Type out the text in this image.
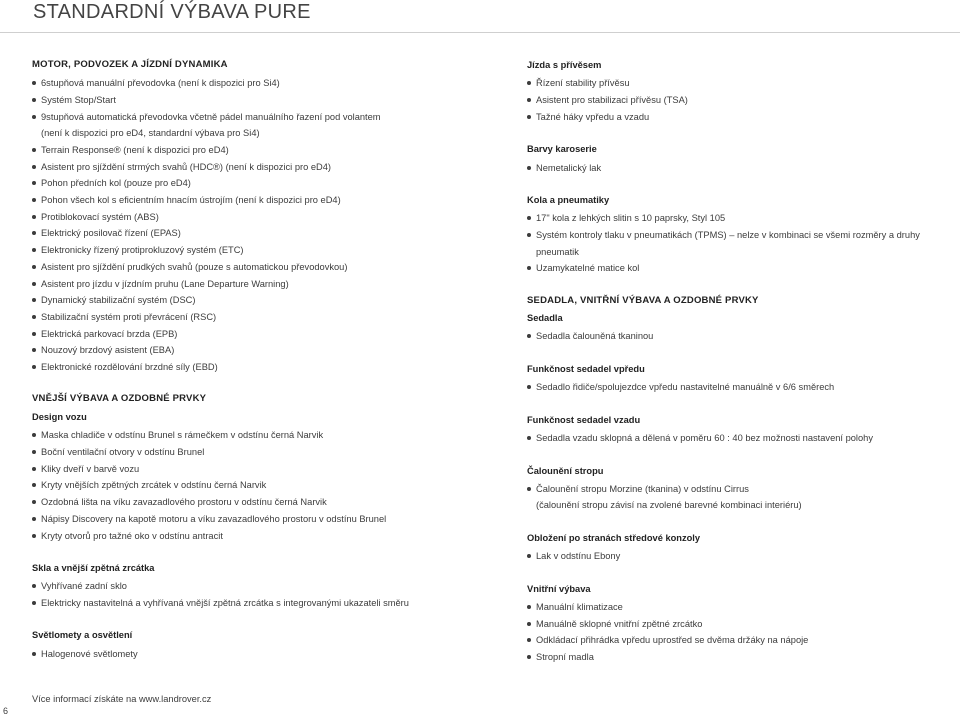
STANDARDNÍ VÝBAVA PURE
MOTOR, PODVOZEK A JÍZDNÍ DYNAMIKA
6stupňová manuální převodovka (není k dispozici pro Si4)
Systém Stop/Start
9stupňová automatická převodovka včetně pádel manuálního řazení pod volantem
(není k dispozici pro eD4, standardní výbava pro Si4)
Terrain Response® (není k dispozici pro eD4)
Asistent pro sjíždění strmých svahů (HDC®) (není k dispozici pro eD4)
Pohon předních kol (pouze pro eD4)
Pohon všech kol s eficientním hnacím ústrojím (není k dispozici pro eD4)
Protiblokovací systém (ABS)
Elektrický posilovač řízení (EPAS)
Elektronicky řízený protiprokluzový systém (ETC)
Asistent pro sjíždění prudkých svahů (pouze s automatickou převodovkou)
Asistent pro jízdu v jízdním pruhu (Lane Departure Warning)
Dynamický stabilizační systém (DSC)
Stabilizační systém proti převrácení (RSC)
Elektrická parkovací brzda (EPB)
Nouzový brzdový asistent (EBA)
Elektronické rozdělování brzdné síly (EBD)
VNĚJŠÍ VÝBAVA A OZDOBNÉ PRVKY
Design vozu
Maska chladiče v odstínu Brunel s rámečkem v odstínu černá Narvik
Boční ventilační otvory v odstínu Brunel
Kliky dveří v barvě vozu
Kryty vnějších zpětných zrcátek v odstínu černá Narvik
Ozdobná lišta na víku zavazadlového prostoru v odstínu černá Narvik
Nápisy Discovery na kapotě motoru a víku zavazadlového prostoru v odstínu Brunel
Kryty otvorů pro tažné oko v odstínu antracit
Skla a vnější zpětná zrcátka
Vyhřívané zadní sklo
Elektricky nastavitelná a vyhřívaná vnější zpětná zrcátka s integrovanými ukazateli směru
Světlomety a osvětlení
Halogenové světlomety
Jízda s přívěsem
Řízení stability přívěsu
Asistent pro stabilizaci přívěsu (TSA)
Tažné háky vpředu a vzadu
Barvy karoserie
Nemetalický lak
Kola a pneumatiky
17" kola z lehkých slitin s 10 paprsky, Styl 105
Systém kontroly tlaku v pneumatikách (TPMS) – nelze v kombinaci se všemi rozměry a druhy pneumatik
Uzamykatelné matice kol
SEDADLA, VNITŘNÍ VÝBAVA A OZDOBNÉ PRVKY
Sedadla
Sedadla čalouněná tkaninou
Funkčnost sedadel vpředu
Sedadlo řidiče/spolujezdce vpředu nastavitelné manuálně v 6/6 směrech
Funkčnost sedadel vzadu
Sedadla vzadu sklopná a dělená v poměru 60 : 40 bez možnosti nastavení polohy
Čalounění stropu
Čalounění stropu Morzine (tkanina) v odstínu Cirrus
(čalounění stropu závisí na zvolené barevné kombinaci interiéru)
Obložení po stranách středové konzoly
Lak v odstínu Ebony
Vnitřní výbava
Manuální klimatizace
Manuálně sklopné vnitřní zpětné zrcátko
Odkládací přihrádka vpředu uprostřed se dvěma držáky na nápoje
Stropní madla
Více informací získáte na www.landrover.cz
6
